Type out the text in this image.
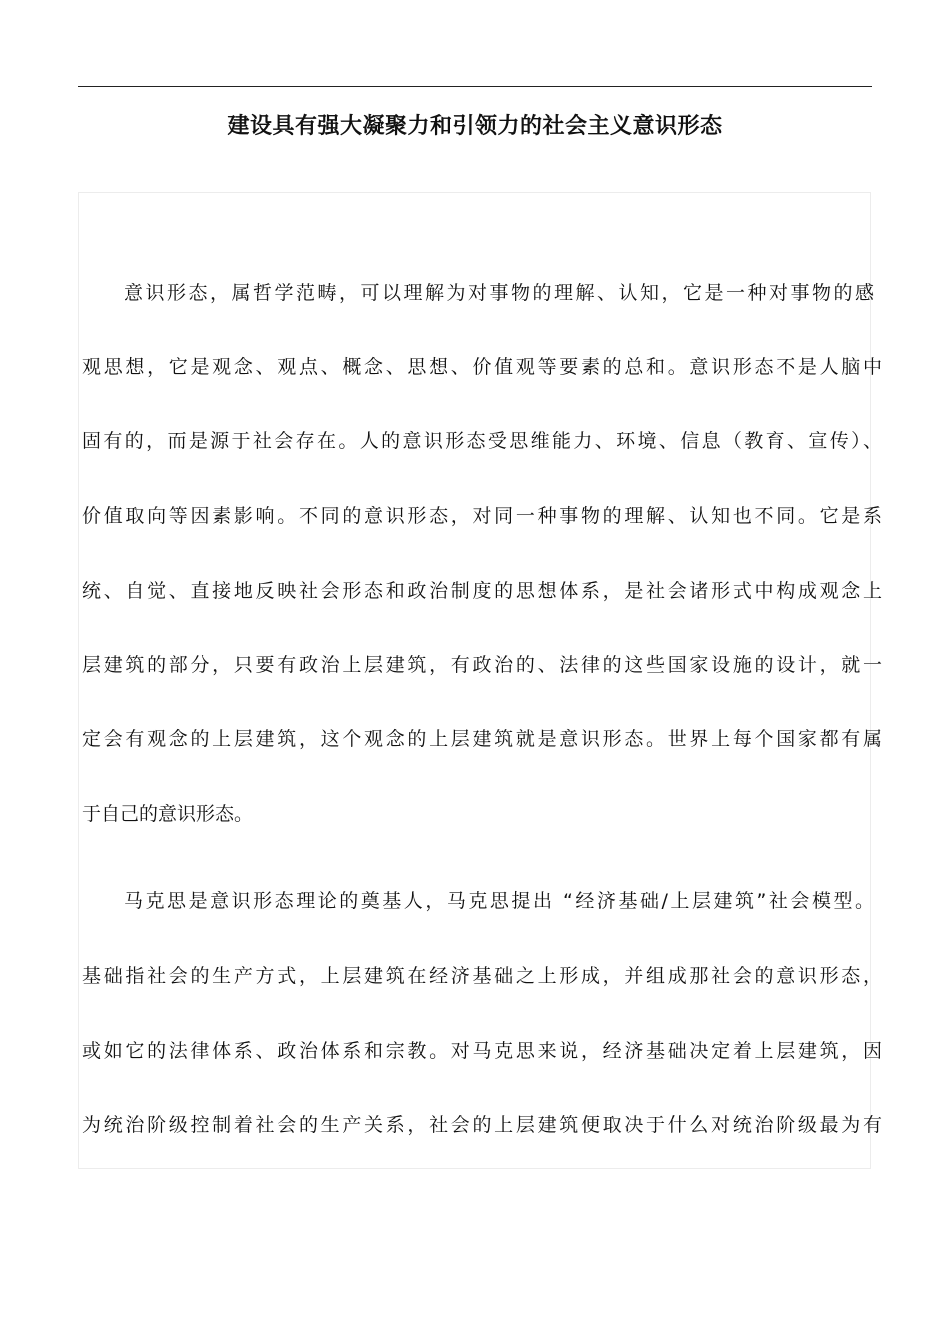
建设具有强大凝聚力和引领力的社会主义意识形态
意识形态，属哲学范畴，可以理解为对事物的理解、认知，它是一种对事物的感
观思想，它是观念、观点、概念、思想、价值观等要素的总和。意识形态不是人脑中
固有的，而是源于社会存在。人的意识形态受思维能力、环境、信息（教育、宣传）、
价值取向等因素影响。不同的意识形态，对同一种事物的理解、认知也不同。它是系
统、自觉、直接地反映社会形态和政治制度的思想体系，是社会诸形式中构成观念上
层建筑的部分，只要有政治上层建筑，有政治的、法律的这些国家设施的设计，就一
定会有观念的上层建筑，这个观念的上层建筑就是意识形态。世界上每个国家都有属
于自己的意识形态。
马克思是意识形态理论的奠基人，马克思提出 “经济基础/上层建筑”社会模型。
基础指社会的生产方式，上层建筑在经济基础之上形成，并组成那社会的意识形态，
或如它的法律体系、政治体系和宗教。对马克思来说，经济基础决定着上层建筑，因
为统治阶级控制着社会的生产关系，社会的上层建筑便取决于什么对统治阶级最为有
